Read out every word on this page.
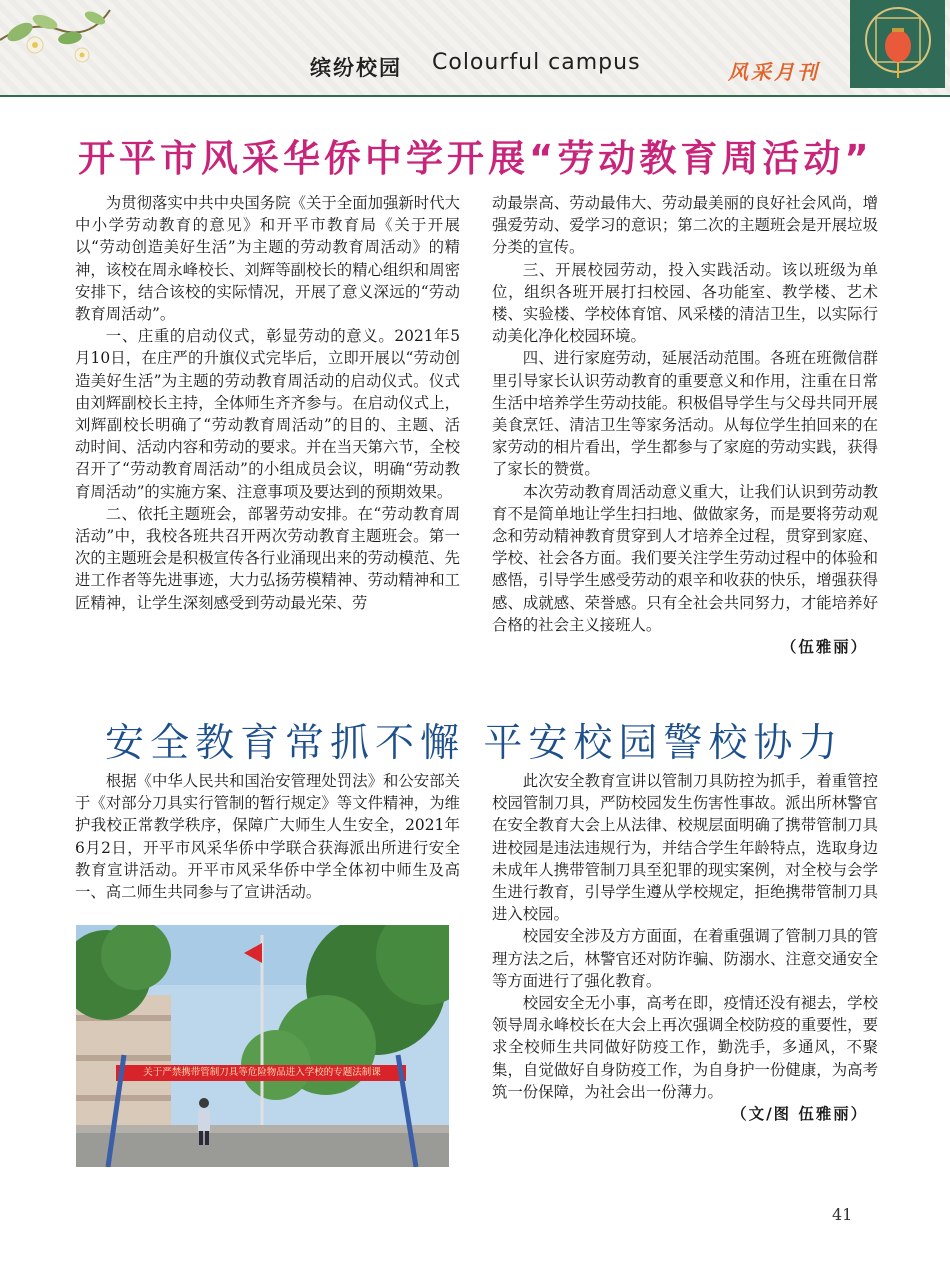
缤纷校园 Colourful campus	风采月刊
开平市风采华侨中学开展“劳动教育周活动”

为贯彻落实中共中央国务院《关于全面加强新时代大中小学劳动教育的意见》和开平市教育局《关于开展以“劳动创造美好生活”为主题的劳动教育周活动》的精神，该校在周永峰校长、刘辉等副校长的精心组织和周密安排下，结合该校的实际情况，开展了意义深远的“劳动教育周活动”。

一、庄重的启动仪式，彰显劳动的意义。2021年5月10日，在庄严的升旗仪式完毕后，立即开展以“劳动创造美好生活”为主题的劳动教育周活动的启动仪式。仪式由刘辉副校长主持，全体师生齐齐参与。在启动仪式上，刘辉副校长明确了“劳动教育周活动”的目的、主题、活动时间、活动内容和劳动的要求。并在当天第六节，全校召开了“劳动教育周活动”的小组成员会议，明确“劳动教育周活动”的实施方案、注意事项及要达到的预期效果。

二、依托主题班会，部署劳动安排。在“劳动教育周活动”中，我校各班共召开两次劳动教育主题班会。第一次的主题班会是积极宣传各行业涌现出来的劳动模范、先进工作者等先进事迹，大力弘扬劳模精神、劳动精神和工匠精神，让学生深刻感受到劳动最光荣、劳

动最崇高、劳动最伟大、劳动最美丽的良好社会风尚，增强爱劳动、爱学习的意识；第二次的主题班会是开展垃圾分类的宣传。

三、开展校园劳动，投入实践活动。该以班级为单位，组织各班开展打扫校园、各功能室、教学楼、艺术楼、实验楼、学校体育馆、风采楼的清洁卫生，以实际行动美化净化校园环境。

四、进行家庭劳动，延展活动范围。各班在班微信群里引导家长认识劳动教育的重要意义和作用，注重在日常生活中培养学生劳动技能。积极倡导学生与父母共同开展美食烹饪、清洁卫生等家务活动。从每位学生拍回来的在家劳动的相片看出，学生都参与了家庭的劳动实践，获得了家长的赞赏。

本次劳动教育周活动意义重大，让我们认识到劳动教育不是简单地让学生扫扫地、做做家务，而是要将劳动观念和劳动精神教育贯穿到人才培养全过程，贯穿到家庭、学校、社会各方面。我们要关注学生劳动过程中的体验和感悟，引导学生感受劳动的艰辛和收获的快乐，增强获得感、成就感、荣誉感。只有全社会共同努力，才能培养好合格的社会主义接班人。

（伍雅丽）

安全教育常抓不懈 平安校园警校协力

根据《中华人民共和国治安管理处罚法》和公安部关于《对部分刀具实行管制的暂行规定》等文件精神，为维护我校正常教学秩序，保障广大师生人生安全，2021年6月2日，开平市风采华侨中学联合获海派出所进行安全教育宣讲活动。开平市风采华侨中学全体初中师生及高一、高二师生共同参与了宣讲活动。

关于严禁携带管制刀具等危险物品进入学校的专题法制课

此次安全教育宣讲以管制刀具防控为抓手，着重管控校园管制刀具，严防校园发生伤害性事故。派出所林警官在安全教育大会上从法律、校规层面明确了携带管制刀具进校园是违法违规行为，并结合学生年龄特点，选取身边未成年人携带管制刀具至犯罪的现实案例，对全校与会学生进行教育，引导学生遵从学校规定，拒绝携带管制刀具进入校园。

校园安全涉及方方面面，在着重强调了管制刀具的管理方法之后，林警官还对防诈骗、防溺水、注意交通安全等方面进行了强化教育。

校园安全无小事，高考在即，疫情还没有褪去，学校领导周永峰校长在大会上再次强调全校防疫的重要性，要求全校师生共同做好防疫工作，勤洗手，多通风，不聚集，自觉做好自身防疫工作，为自身护一份健康，为高考筑一份保障，为社会出一份薄力。

（文/图 伍雅丽）

41
